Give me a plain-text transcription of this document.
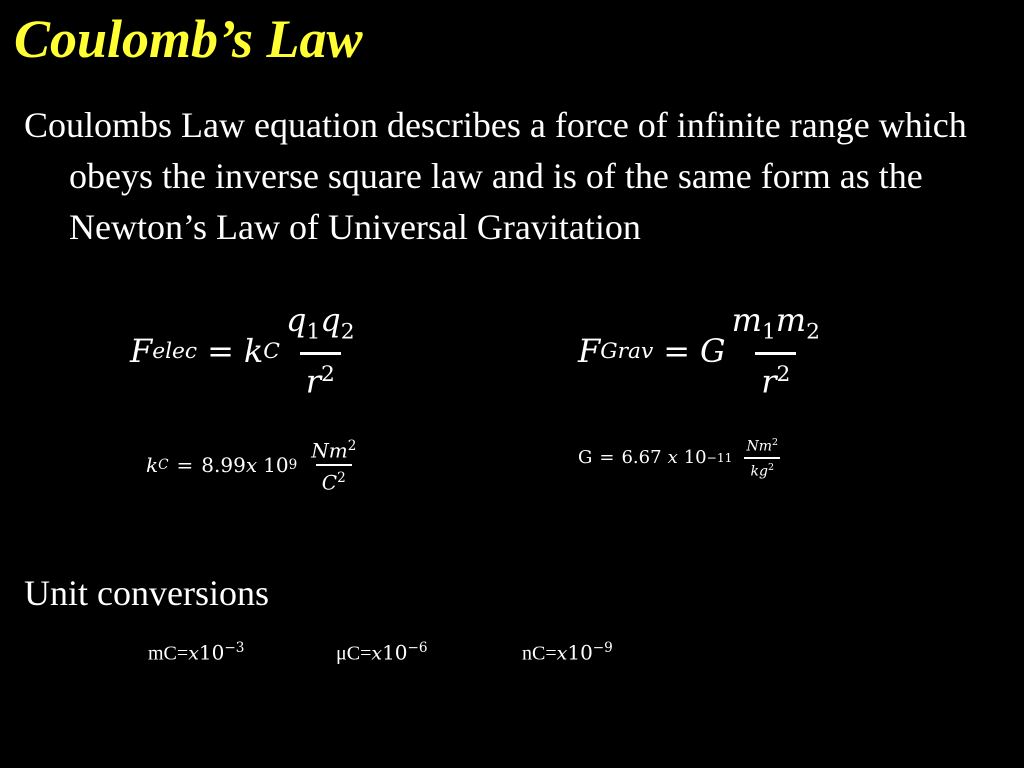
Coulomb’s Law
Coulombs Law equation describes a force of infinite range which obeys the inverse square law and is of the same form as the Newton’s Law of Universal Gravitation
F elec = k C $\frac{q_1q_2}{r^2}$	F Grav = G $\frac{m_1m_2}{r^2}$
k C = 8.99 x 10 $9 \frac{Nm^2}{C^2}$	G = 6.67 x $10 -11 \frac{Nm^2}{kg^2}$
Unit conversions
$mC=x10^{-3}$	$\mu C=x10^{-6}$	$nC=x10^{-9}$
